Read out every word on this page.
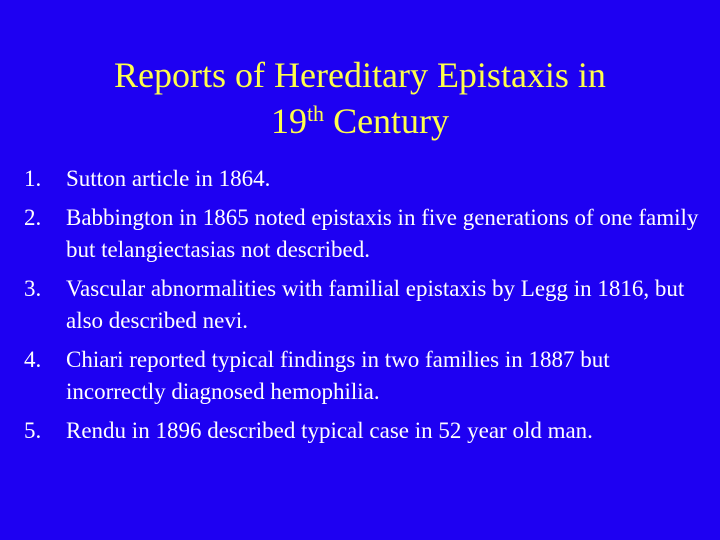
Reports of Hereditary Epistaxis in
19th Century
1. Sutton article in 1864.
2. Babbington in 1865 noted epistaxis in five generations of one family but telangiectasias not described.
3. Vascular abnormalities with familial epistaxis by Legg in 1816, but also described nevi.
4. Chiari reported typical findings in two families in 1887 but incorrectly diagnosed hemophilia.
5. Rendu in 1896 described typical case in 52 year old man.
